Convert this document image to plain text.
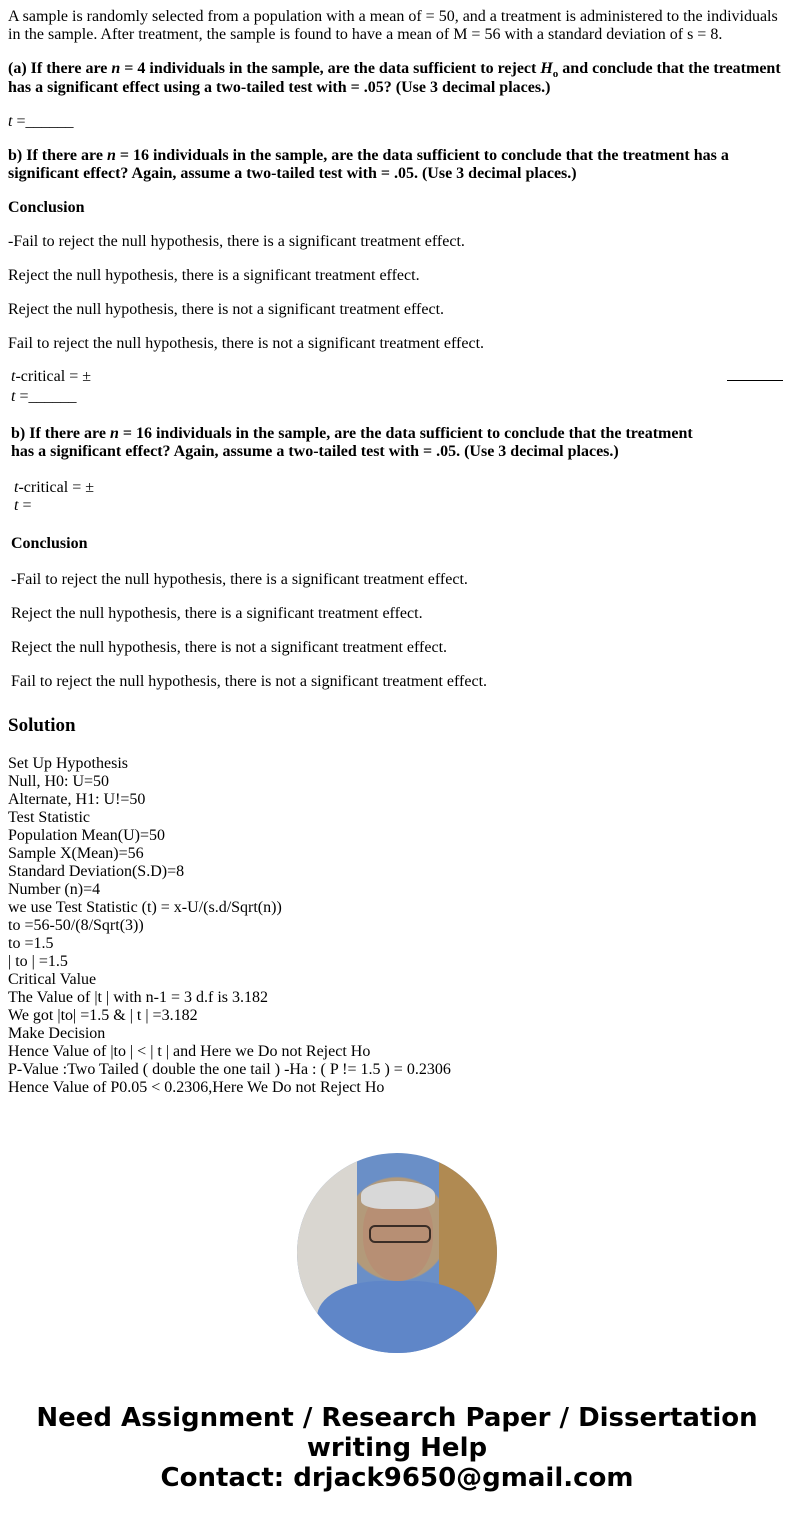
A sample is randomly selected from a population with a mean of = 50, and a treatment is administered to the individuals in the sample. After treatment, the sample is found to have a mean of M = 56 with a standard deviation of s = 8.

(a) If there are n = 4 individuals in the sample, are the data sufficient to reject $H_o$ and conclude that the treatment has a significant effect using a two-tailed test with = .05? (Use 3 decimal places.)

t =______

b) If there are n = 16 individuals in the sample, are the data sufficient to conclude that the treatment has a significant effect? Again, assume a two-tailed test with = .05. (Use 3 decimal places.)

Conclusion

-Fail to reject the null hypothesis, there is a significant treatment effect.

Reject the null hypothesis, there is a significant treatment effect.

Reject the null hypothesis, there is not a significant treatment effect.

Fail to reject the null hypothesis, there is not a significant treatment effect.

t-critical = ±	
t =______	

b) If there are n = 16 individuals in the sample, are the data sufficient to conclude that the treatment has a significant effect? Again, assume a two-tailed test with = .05. (Use 3 decimal places.)

t-critical = ±
t =

Conclusion

-Fail to reject the null hypothesis, there is a significant treatment effect.

Reject the null hypothesis, there is a significant treatment effect.

Reject the null hypothesis, there is not a significant treatment effect.

Fail to reject the null hypothesis, there is not a significant treatment effect.

Solution
Set Up Hypothesis
Null, H0: U=50
Alternate, H1: U!=50
Test Statistic
Population Mean(U)=50
Sample X(Mean)=56
Standard Deviation(S.D)=8
Number (n)=4
we use Test Statistic (t) = x-U/(s.d/Sqrt(n))
to =56-50/(8/Sqrt(3))
to =1.5
| to | =1.5
Critical Value
The Value of |t | with n-1 = 3 d.f is 3.182
We got |to| =1.5 & | t | =3.182
Make Decision
Hence Value of |to | < | t | and Here we Do not Reject Ho
P-Value :Two Tailed ( double the one tail ) -Ha : ( P != 1.5 ) = 0.2306
Hence Value of P0.05 < 0.2306,Here We Do not Reject Ho
Need Assignment / Research Paper / Dissertation
writing Help
Contact: drjack9650@gmail.com
